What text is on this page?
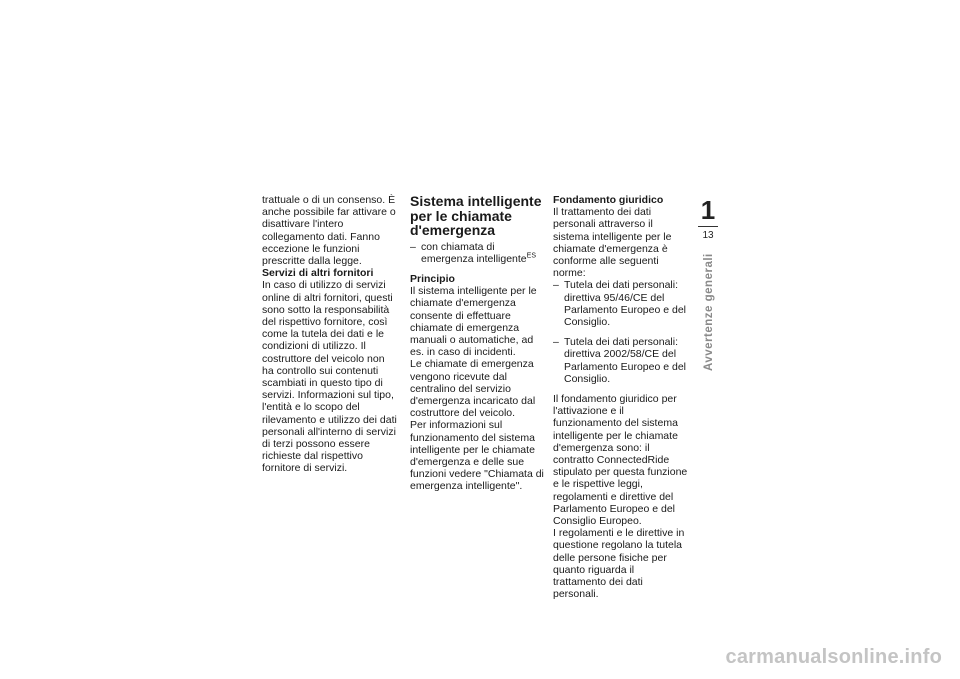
trattuale o di un consenso. È anche possibile far attivare o disattivare l'intero collegamento dati. Fanno eccezione le funzioni prescritte dalla legge.

Servizi di altri fornitori

In caso di utilizzo di servizi online di altri fornitori, questi sono sotto la responsabilità del rispettivo fornitore, così come la tutela dei dati e le condizioni di utilizzo. Il costruttore del veicolo non ha controllo sui contenuti scambiati in questo tipo di servizi. Informazioni sul tipo, l'entità e lo scopo del rilevamento e utilizzo dei dati personali all'interno di servizi di terzi possono essere richieste dal rispettivo fornitore di servizi.

Sistema intelligente per le chiamate d'emergenza

– con chiamata di emergenza intelligente$^{ES}$

Principio

Il sistema intelligente per le chiamate d'emergenza consente di effettuare chiamate di emergenza manuali o automatiche, ad es. in caso di incidenti.

Le chiamate di emergenza vengono ricevute dal centralino del servizio d'emergenza incaricato dal costruttore del veicolo.

Per informazioni sul funzionamento del sistema intelligente per le chiamate d'emergenza e delle sue funzioni vedere "Chiamata di emergenza intelligente".

Fondamento giuridico

Il trattamento dei dati personali attraverso il sistema intelligente per le chiamate d'emergenza è conforme alle seguenti norme:

– Tutela dei dati personali: direttiva 95/46/CE del Parlamento Europeo e del Consiglio.
– Tutela dei dati personali: direttiva 2002/58/CE del Parlamento Europeo e del Consiglio.

Il fondamento giuridico per l'attivazione e il funzionamento del sistema intelligente per le chiamate d'emergenza sono: il contratto ConnectedRide stipulato per questa funzione e le rispettive leggi, regolamenti e direttive del Parlamento Europeo e del Consiglio Europeo.

I regolamenti e le direttive in questione regolano la tutela delle persone fisiche per quanto riguarda il trattamento dei dati personali.

1
13
Avvertenze generali
carmanualsonline.info
